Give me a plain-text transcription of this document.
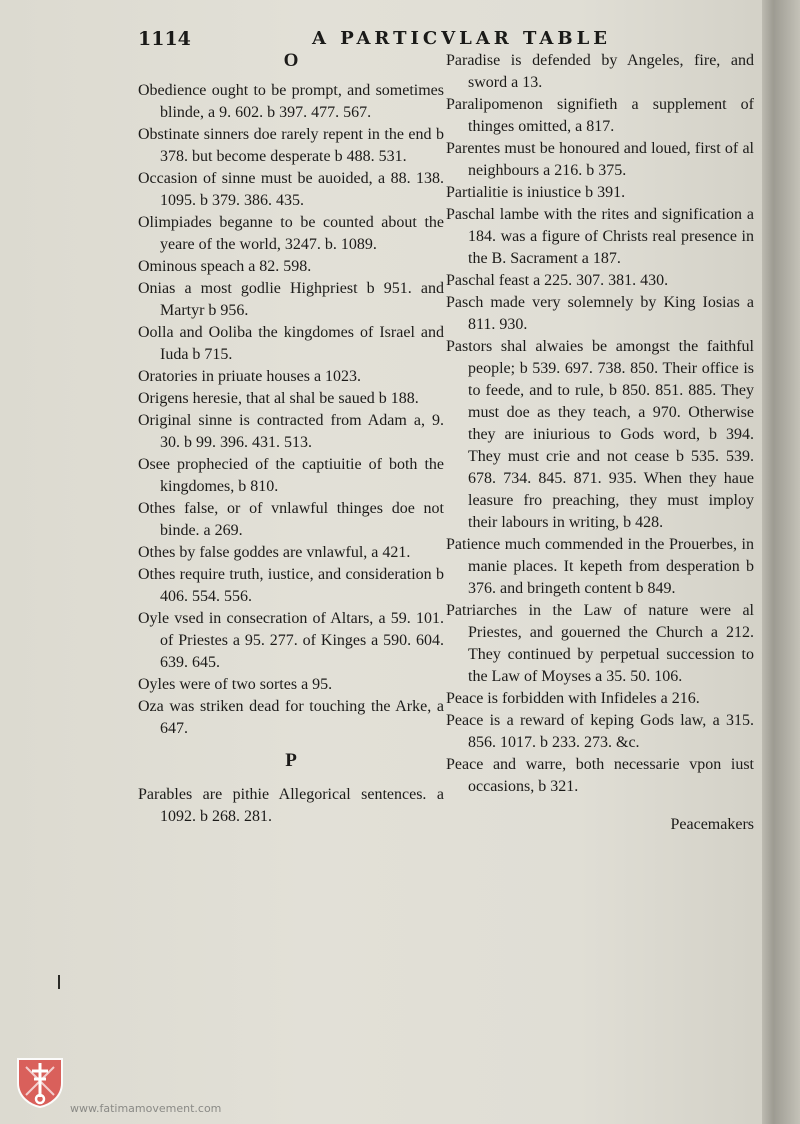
1114	A PARTICVLAR TABLE

O

Obedience ought to be prompt, and sometimes blinde, a 9. 602. b 397. 477. 567.

Obstinate sinners doe rarely repent in the end b 378. but become desperate b 488. 531.

Occasion of sinne must be auoided, a 88. 138. 1095. b 379. 386. 435.

Olimpiades beganne to be counted about the yeare of the world, 3247. b. 1089.

Ominous speach a 82. 598.

Onias a most godlie Highpriest b 951. and Martyr b 956.

Oolla and Ooliba the kingdomes of Israel and Iuda b 715.

Oratories in priuate houses a 1023.

Origens heresie, that al shal be saued b 188.

Original sinne is contracted from Adam a, 9. 30. b 99. 396. 431. 513.

Osee prophecied of the captiuitie of both the kingdomes, b 810.

Othes false, or of vnlawful thinges doe not binde. a 269.

Othes by false goddes are vnlawful, a 421.

Othes require truth, iustice, and consideration b 406. 554. 556.

Oyle vsed in consecration of Altars, a 59. 101. of Priestes a 95. 277. of Kinges a 590. 604. 639. 645.

Oyles were of two sortes a 95.

Oza was striken dead for touching the Arke, a 647.

P

Parables are pithie Allegorical sentences. a 1092. b 268. 281.

Paradise is defended by Angeles, fire, and sword a 13.

Paralipomenon signifieth a supplement of thinges omitted, a 817.

Parentes must be honoured and loued, first of al neighbours a 216. b 375.

Partialitie is iniustice b 391.

Paschal lambe with the rites and signification a 184. was a figure of Christs real presence in the B. Sacrament a 187.

Paschal feast a 225. 307. 381. 430.

Pasch made very solemnely by King Iosias a 811. 930.

Pastors shal alwaies be amongst the faithful people; b 539. 697. 738. 850. Their office is to feede, and to rule, b 850. 851. 885. They must doe as they teach, a 970. Otherwise they are iniurious to Gods word, b 394. They must crie and not cease b 535. 539. 678. 734. 845. 871. 935. When they haue leasure fro preaching, they must imploy their labours in writing, b 428.

Patience much commended in the Prouerbes, in manie places. It kepeth from desperation b 376. and bringeth content b 849.

Patriarches in the Law of nature were al Priestes, and gouerned the Church a 212. They continued by perpetual succession to the Law of Moyses a 35. 50. 106.

Peace is forbidden with Infideles a 216.

Peace is a reward of keping Gods law, a 315. 856. 1017. b 233. 273. &c.

Peace and warre, both necessarie vpon iust occasions, b 321.

Peacemakers

www.fatimamovement.com
